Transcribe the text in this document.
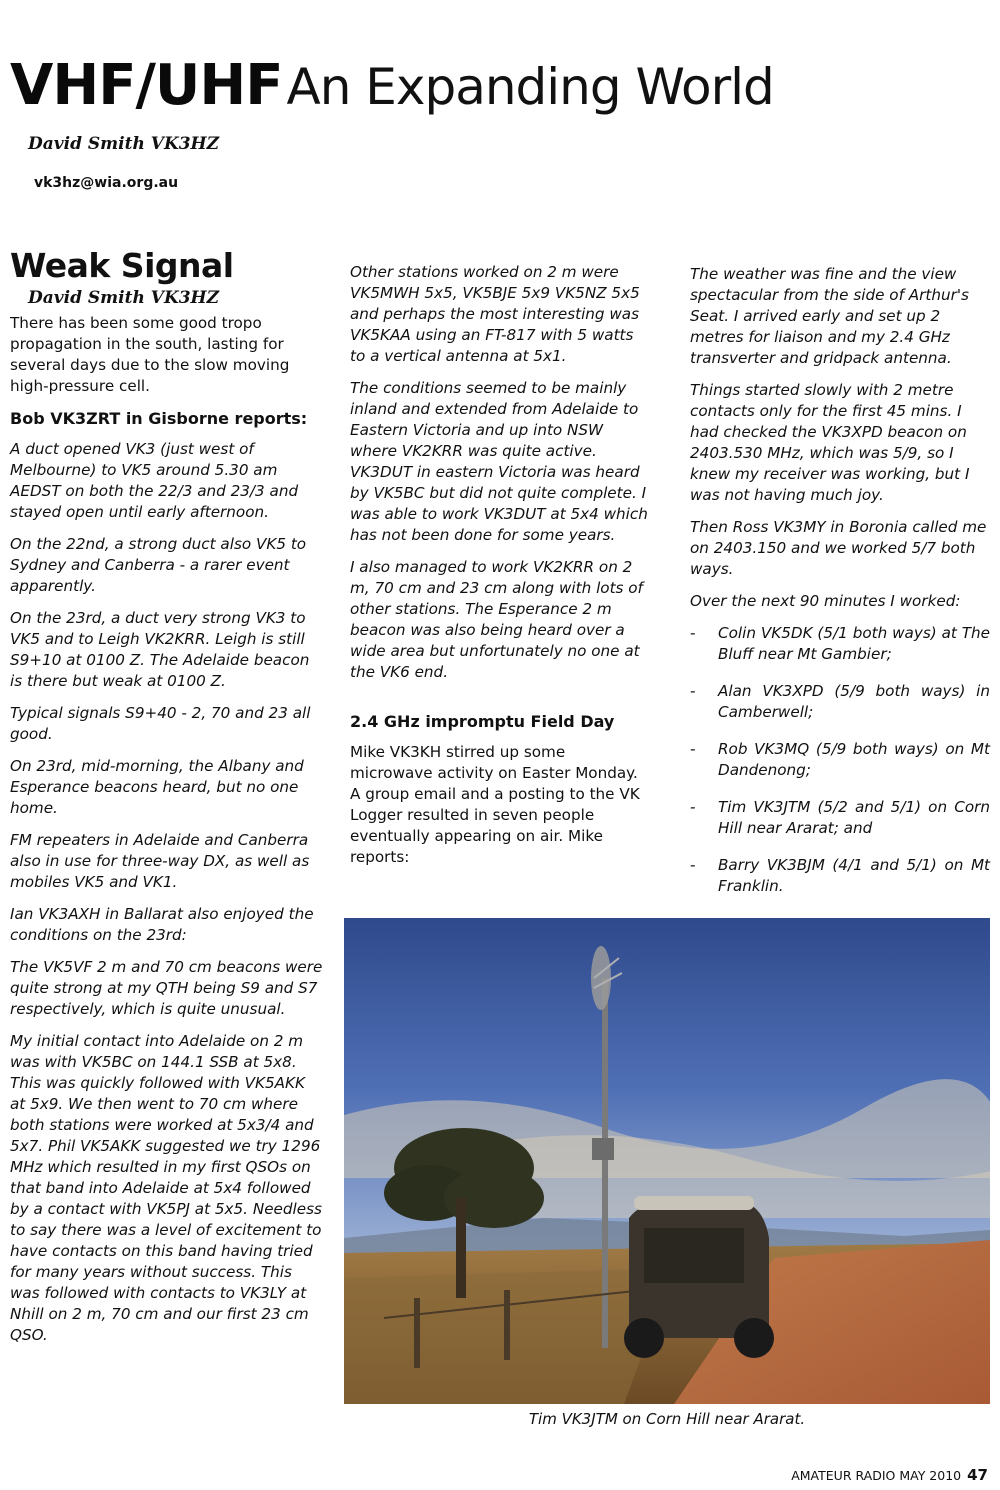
VHF/UHFAn Expanding World
David Smith VK3HZ
vk3hz@wia.org.au
Weak Signal
David Smith VK3HZ

There has been some good tropo propagation in the south, lasting for several days due to the slow moving high-pressure cell.

Bob VK3ZRT in Gisborne reports:

A duct opened VK3 (just west of Melbourne) to VK5 around 5.30 am AEDST on both the 22/3 and 23/3 and stayed open until early afternoon.

On the 22nd, a strong duct also VK5 to Sydney and Canberra - a rarer event apparently.

On the 23rd, a duct very strong VK3 to VK5 and to Leigh VK2KRR. Leigh is still S9+10 at 0100 Z. The Adelaide beacon is there but weak at 0100 Z.

Typical signals S9+40 - 2, 70 and 23 all good.

On 23rd, mid-morning, the Albany and Esperance beacons heard, but no one home.

FM repeaters in Adelaide and Canberra also in use for three-way DX, as well as mobiles VK5 and VK1.

Ian VK3AXH in Ballarat also enjoyed the conditions on the 23rd:

The VK5VF 2 m and 70 cm beacons were quite strong at my QTH being S9 and S7 respectively, which is quite unusual.

My initial contact into Adelaide on 2 m was with VK5BC on 144.1 SSB at 5x8. This was quickly followed with VK5AKK at 5x9. We then went to 70 cm where both stations were worked at 5x3/4 and 5x7. Phil VK5AKK suggested we try 1296 MHz which resulted in my first QSOs on that band into Adelaide at 5x4 followed by a contact with VK5PJ at 5x5. Needless to say there was a level of excitement to have contacts on this band having tried for many years without success. This was followed with contacts to VK3LY at Nhill on 2 m, 70 cm and our first 23 cm QSO.

Other stations worked on 2 m were VK5MWH 5x5, VK5BJE 5x9 VK5NZ 5x5 and perhaps the most interesting was VK5KAA using an FT-817 with 5 watts to a vertical antenna at 5x1.

The conditions seemed to be mainly inland and extended from Adelaide to Eastern Victoria and up into NSW where VK2KRR was quite active. VK3DUT in eastern Victoria was heard by VK5BC but did not quite complete. I was able to work VK3DUT at 5x4 which has not been done for some years.

I also managed to work VK2KRR on 2 m, 70 cm and 23 cm along with lots of other stations. The Esperance 2 m beacon was also being heard over a wide area but unfortunately no one at the VK6 end.

2.4 GHz impromptu Field Day

Mike VK3KH stirred up some microwave activity on Easter Monday. A group email and a posting to the VK Logger resulted in seven people eventually appearing on air. Mike reports:

The weather was fine and the view spectacular from the side of Arthur's Seat. I arrived early and set up 2 metres for liaison and my 2.4 GHz transverter and gridpack antenna.

Things started slowly with 2 metre contacts only for the first 45 mins. I had checked the VK3XPD beacon on 2403.530 MHz, which was 5/9, so I knew my receiver was working, but I was not having much joy.

Then Ross VK3MY in Boronia called me on 2403.150 and we worked 5/7 both ways.

Over the next 90 minutes I worked:

- Colin VK5DK (5/1 both ways) at The Bluff near Mt Gambier;
- Alan VK3XPD (5/9 both ways) in Camberwell;
- Rob VK3MQ (5/9 both ways) on Mt Dandenong;
- Tim VK3JTM (5/2 and 5/1) on Corn Hill near Ararat; and
- Barry VK3BJM (4/1 and 5/1) on Mt Franklin.
Tim VK3JTM on Corn Hill near Ararat.
AMATEUR RADIO MAY 2010 47
